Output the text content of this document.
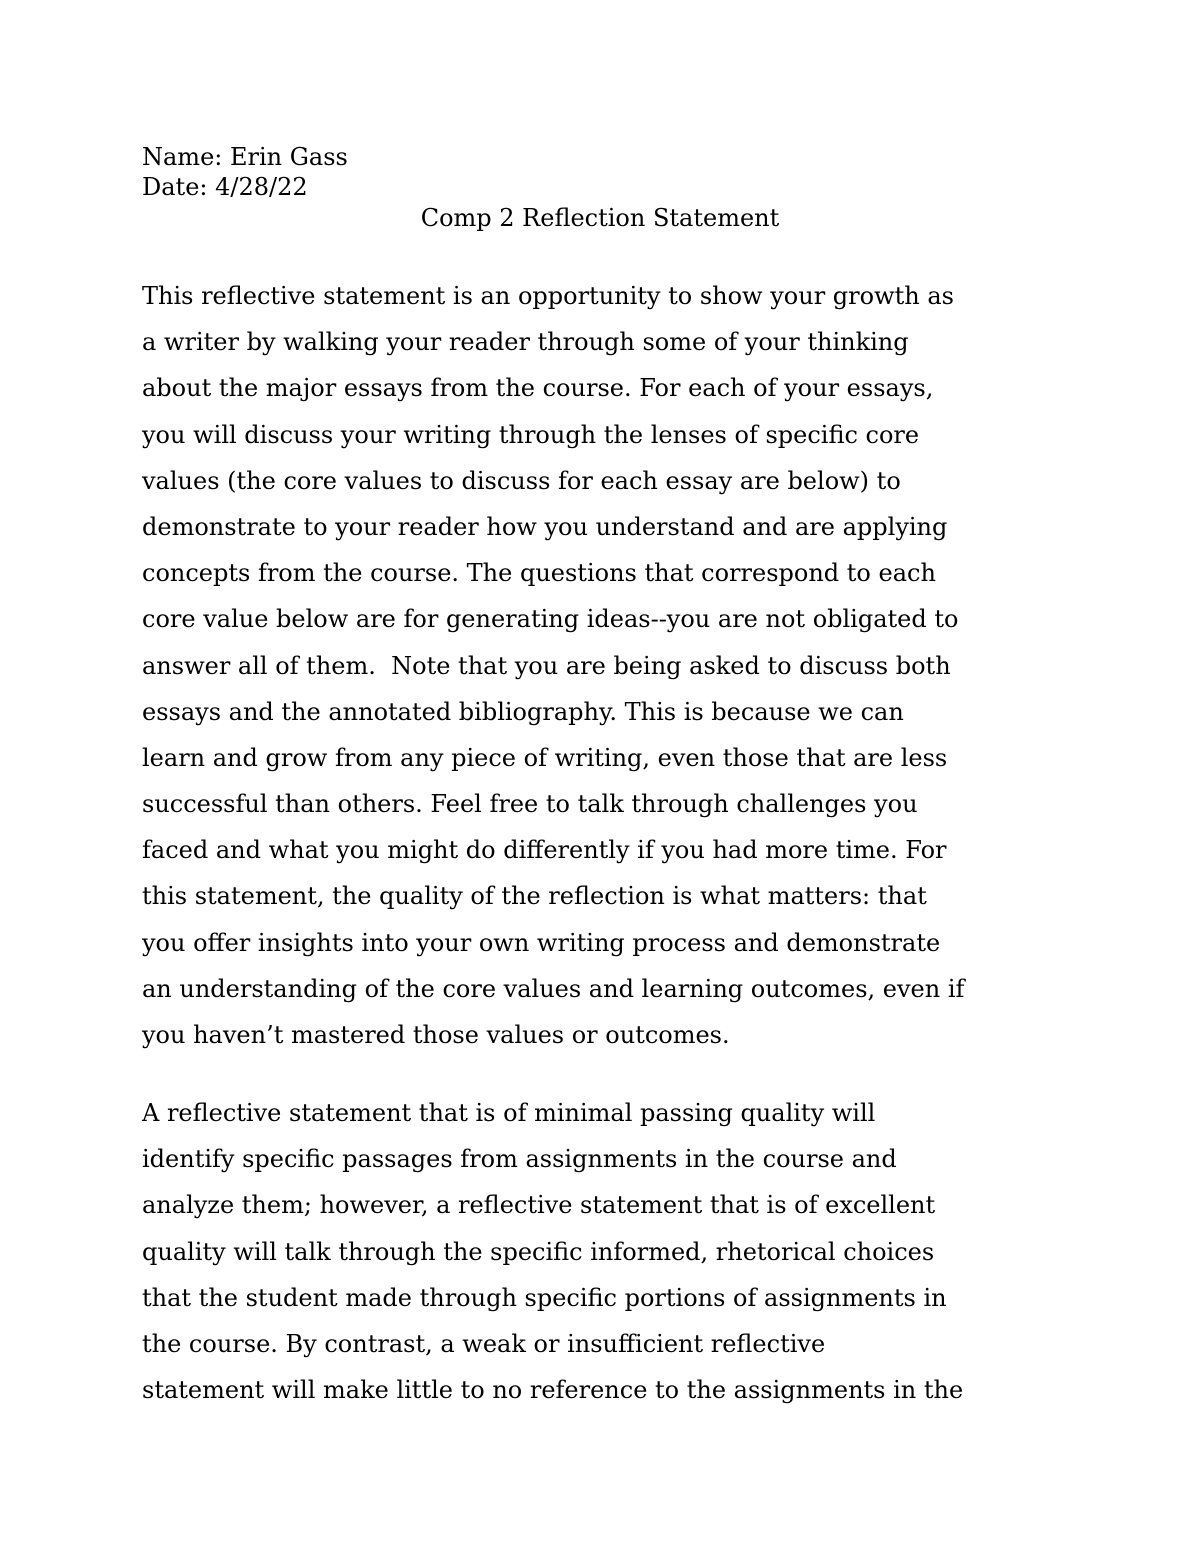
Name: Erin Gass
Date: 4/28/22
Comp 2 Reflection Statement
This reflective statement is an opportunity to show your growth as
a writer by walking your reader through some of your thinking
about the major essays from the course. For each of your essays,
you will discuss your writing through the lenses of specific core
values (the core values to discuss for each essay are below) to
demonstrate to your reader how you understand and are applying
concepts from the course. The questions that correspond to each
core value below are for generating ideas--you are not obligated to
answer all of them.  Note that you are being asked to discuss both
essays and the annotated bibliography. This is because we can
learn and grow from any piece of writing, even those that are less
successful than others. Feel free to talk through challenges you
faced and what you might do differently if you had more time. For
this statement, the quality of the reflection is what matters: that
you offer insights into your own writing process and demonstrate
an understanding of the core values and learning outcomes, even if
you haven’t mastered those values or outcomes.
A reflective statement that is of minimal passing quality will
identify specific passages from assignments in the course and
analyze them; however, a reflective statement that is of excellent
quality will talk through the specific informed, rhetorical choices
that the student made through specific portions of assignments in
the course. By contrast, a weak or insufficient reflective
statement will make little to no reference to the assignments in the
